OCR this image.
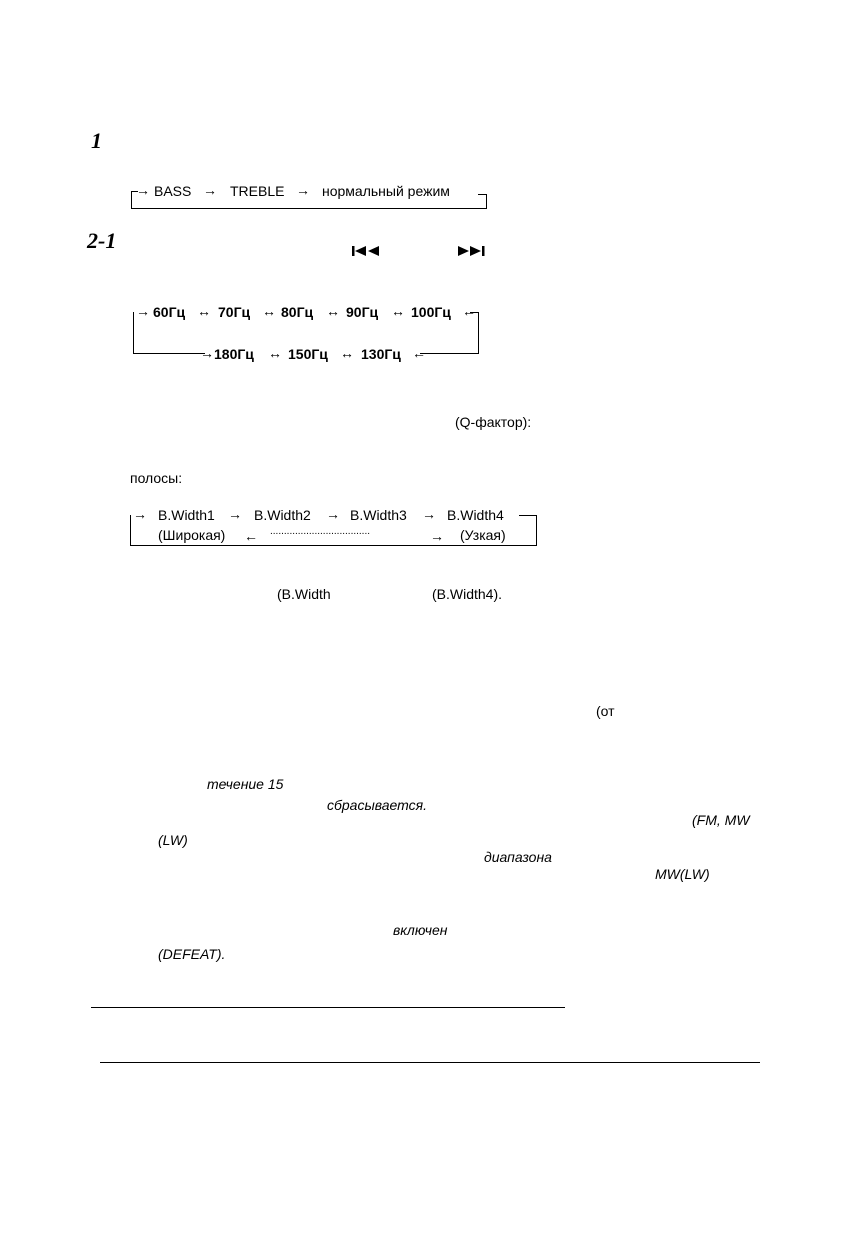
1
2-1
→ BASS → TREBLE → нормальный режим
→ 60Гц ↔ 70Гц ↔ 80Гц ↔ 90Гц ↔ 100Гц ←
→ 180Гц ↔ 150Гц ↔ 130Гц ←
(Q-фактор):
полосы:
→ B.Width1 → B.Width2 → B.Width3 → B.Width4
(Широкая) ← ....................................	→ (Узкая)
(B.Width	(B.Width4).
(от
течение 15
сбрасывается.
(FM, MW
(LW)
диапазона
MW(LW)
включен
(DEFEAT).
